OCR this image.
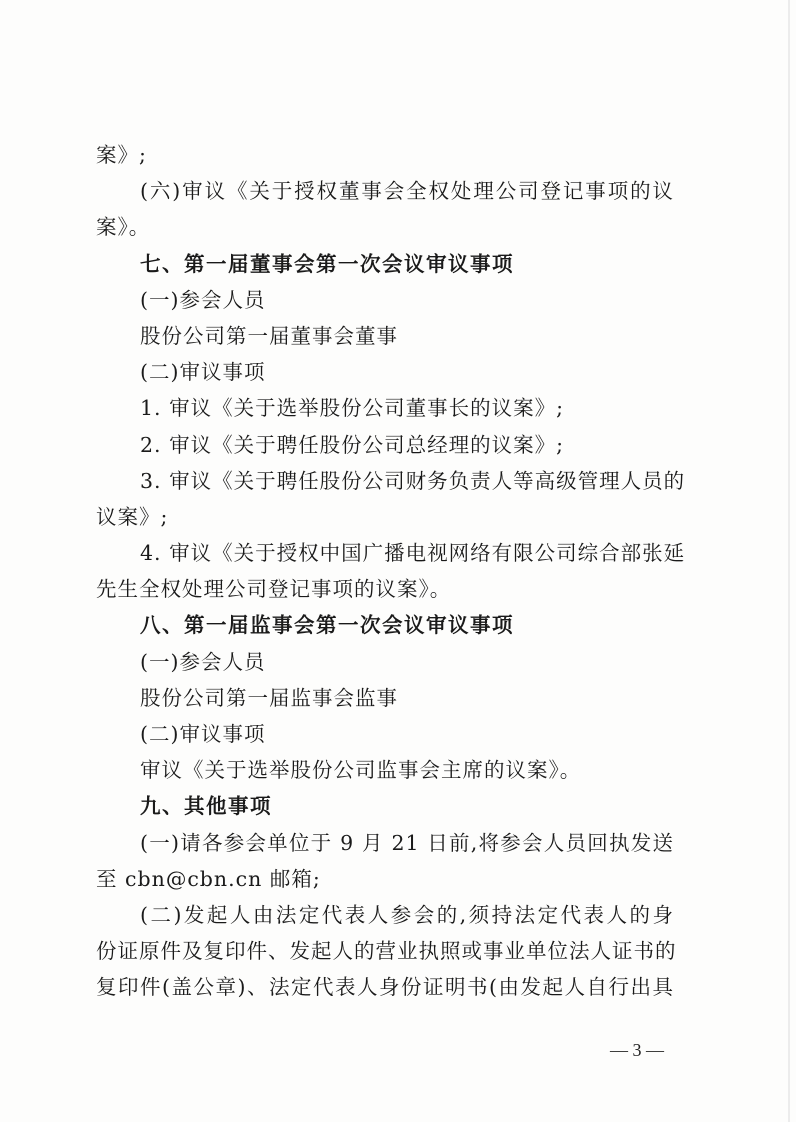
案》;
(六)审议《关于授权董事会全权处理公司登记事项的议
案》。
七、第一届董事会第一次会议审议事项
(一)参会人员
股份公司第一届董事会董事
(二)审议事项
1. 审议《关于选举股份公司董事长的议案》;
2. 审议《关于聘任股份公司总经理的议案》;
3. 审议《关于聘任股份公司财务负责人等高级管理人员的
议案》;
4. 审议《关于授权中国广播电视网络有限公司综合部张延
先生全权处理公司登记事项的议案》。
八、第一届监事会第一次会议审议事项
(一)参会人员
股份公司第一届监事会监事
(二)审议事项
审议《关于选举股份公司监事会主席的议案》。
九、其他事项
(一)请各参会单位于 9 月 21 日前,将参会人员回执发送
至 cbn@cbn.cn 邮箱;
(二)发起人由法定代表人参会的,须持法定代表人的身
份证原件及复印件、发起人的营业执照或事业单位法人证书的
复印件(盖公章)、法定代表人身份证明书(由发起人自行出具
— 3 —
